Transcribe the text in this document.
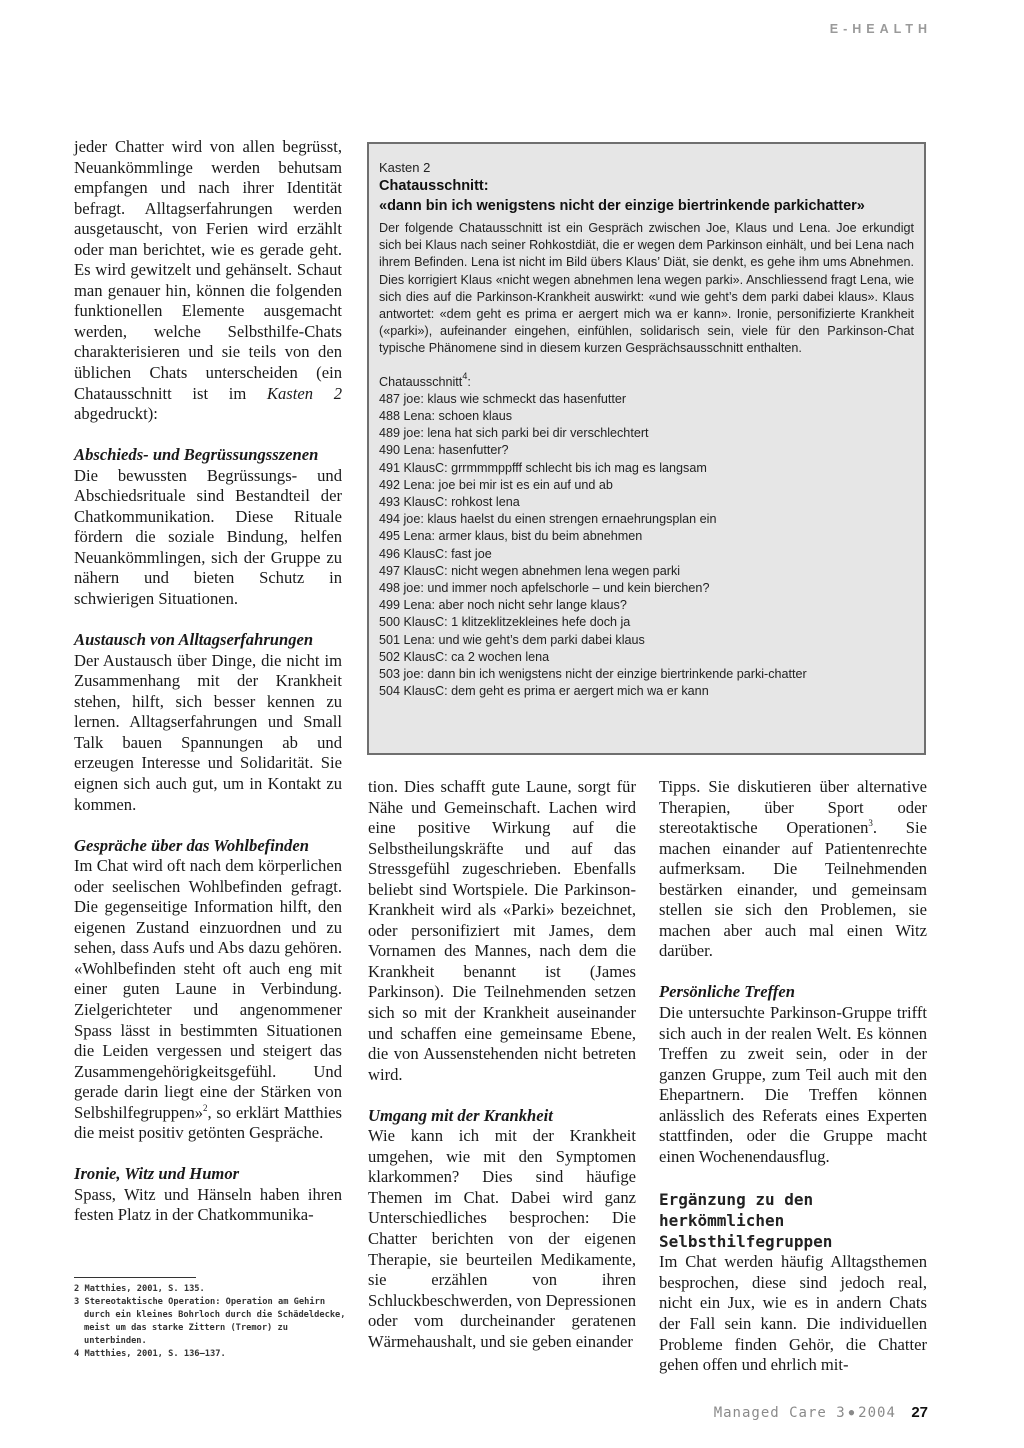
E-HEALTH

jeder Chatter wird von allen begrüsst, Neuankömmlinge werden behutsam empfangen und nach ihrer Identität befragt. Alltagserfahrungen werden ausgetauscht, von Ferien wird erzählt oder man berichtet, wie es gerade geht. Es wird gewitzelt und gehänselt. Schaut man genauer hin, können die folgenden funktionellen Elemente ausgemacht werden, welche Selbsthilfe-Chats charakterisieren und sie teils von den üblichen Chats unterscheiden (ein Chatausschnitt ist im Kasten 2 abgedruckt):

Abschieds- und Begrüssungsszenen

Die bewussten Begrüssungs- und Abschiedsrituale sind Bestandteil der Chatkommunikation. Diese Rituale fördern die soziale Bindung, helfen Neuankömmlingen, sich der Gruppe zu nähern und bieten Schutz in schwierigen Situationen.

Austausch von Alltagserfahrungen

Der Austausch über Dinge, die nicht im Zusammenhang mit der Krankheit stehen, hilft, sich besser kennen zu lernen. Alltagserfahrungen und Small Talk bauen Spannungen ab und erzeugen Interesse und Solidarität. Sie eignen sich auch gut, um in Kontakt zu kommen.

Gespräche über das Wohlbefinden

Im Chat wird oft nach dem körperlichen oder seelischen Wohlbefinden gefragt. Die gegenseitige Information hilft, den eigenen Zustand einzuordnen und zu sehen, dass Aufs und Abs dazu gehören. «Wohlbefinden steht oft auch eng mit einer guten Laune in Verbindung. Zielgerichteter und angenommener Spass lässt in bestimmten Situationen die Leiden vergessen und steigert das Zusammengehörigkeitsgefühl. Und gerade darin liegt eine der Stärken von Selbshilfegruppen»$^2$, so erklärt Matthies die meist positiv getönten Gespräche.

Ironie, Witz und Humor

Spass, Witz und Hänseln haben ihren festen Platz in der Chatkommunika-

Kasten 2
Chatausschnitt:
«dann bin ich wenigstens nicht der einzige biertrinkende parkichatter»
Der folgende Chatausschnitt ist ein Gespräch zwischen Joe, Klaus und Lena. Joe erkundigt sich bei Klaus nach seiner Rohkostdiät, die er wegen dem Parkinson einhält, und bei Lena nach ihrem Befinden. Lena ist nicht im Bild übers Klaus’ Diät, sie denkt, es gehe ihm ums Abnehmen. Dies korrigiert Klaus «nicht wegen abnehmen lena wegen parki». Anschliessend fragt Lena, wie sich dies auf die Parkinson-Krankheit auswirkt: «und wie geht’s dem parki dabei klaus». Klaus antwortet: «dem geht es prima er aergert mich wa er kann». Ironie, personifizierte Krankheit («parki»), aufeinander eingehen, einfühlen, solidarisch sein, viele für den Parkinson-Chat typische Phänomene sind in diesem kurzen Gesprächsausschnitt enthalten.
Chatausschnitt$^4$:
487 joe: klaus wie schmeckt das hasenfutter
488 Lena: schoen klaus
489 joe: lena hat sich parki bei dir verschlechtert
490 Lena: hasenfutter?
491 KlausC: grrmmmppfff schlecht bis ich mag es langsam
492 Lena: joe bei mir ist es ein auf und ab
493 KlausC: rohkost lena
494 joe: klaus haelst du einen strengen ernaehrungsplan ein
495 Lena: armer klaus, bist du beim abnehmen
496 KlausC: fast joe
497 KlausC: nicht wegen abnehmen lena wegen parki
498 joe: und immer noch apfelschorle – und kein bierchen?
499 Lena: aber noch nicht sehr lange klaus?
500 KlausC: 1 klitzeklitzekleines hefe doch ja
501 Lena: und wie geht’s dem parki dabei klaus
502 KlausC: ca 2 wochen lena
503 joe: dann bin ich wenigstens nicht der einzige biertrinkende parki-chatter
504 KlausC: dem geht es prima er aergert mich wa er kann

tion. Dies schafft gute Laune, sorgt für Nähe und Gemeinschaft. Lachen wird eine positive Wirkung auf die Selbstheilungskräfte und auf das Stressgefühl zugeschrieben. Ebenfalls beliebt sind Wortspiele. Die Parkinson-Krankheit wird als «Parki» bezeichnet, oder personifiziert mit James, dem Vornamen des Mannes, nach dem die Krankheit benannt ist (James Parkinson). Die Teilnehmenden setzen sich so mit der Krankheit auseinander und schaffen eine gemeinsame Ebene, die von Aussenstehenden nicht betreten wird.

Umgang mit der Krankheit

Wie kann ich mit der Krankheit umgehen, wie mit den Symptomen klarkommen? Dies sind häufige Themen im Chat. Dabei wird ganz Unterschiedliches besprochen: Die Chatter berichten von der eigenen Therapie, sie beurteilen Medikamente, sie erzählen von ihren Schluckbeschwerden, von Depressionen oder vom durcheinander geratenen Wärmehaushalt, und sie geben einander

Tipps. Sie diskutieren über alternative Therapien, über Sport oder stereotaktische Operationen$^3$. Sie machen einander auf Patientenrechte aufmerksam. Die Teilnehmenden bestärken einander, und gemeinsam stellen sie sich den Problemen, sie machen aber auch mal einen Witz darüber.

Persönliche Treffen

Die untersuchte Parkinson-Gruppe trifft sich auch in der realen Welt. Es können Treffen zu zweit sein, oder in der ganzen Gruppe, zum Teil auch mit den Ehepartnern. Die Treffen können anlässlich des Referats eines Experten stattfinden, oder die Gruppe macht einen Wochenendausflug.

Ergänzung zu den herkömmlichen Selbsthilfegruppen

Im Chat werden häufig Alltagsthemen besprochen, diese sind jedoch real, nicht ein Jux, wie es in andern Chats der Fall sein kann. Die individuellen Probleme finden Gehör, die Chatter gehen offen und ehrlich mit-

2 Matthies, 2001, S. 135.
3 Stereotaktische Operation: Operation am Gehirn durch ein kleines Bohrloch durch die Schädeldecke, meist um das starke Zittern (Tremor) zu unterbinden.
4 Matthies, 2001, S. 136–137.
Managed Care 3 ● 2004 27
